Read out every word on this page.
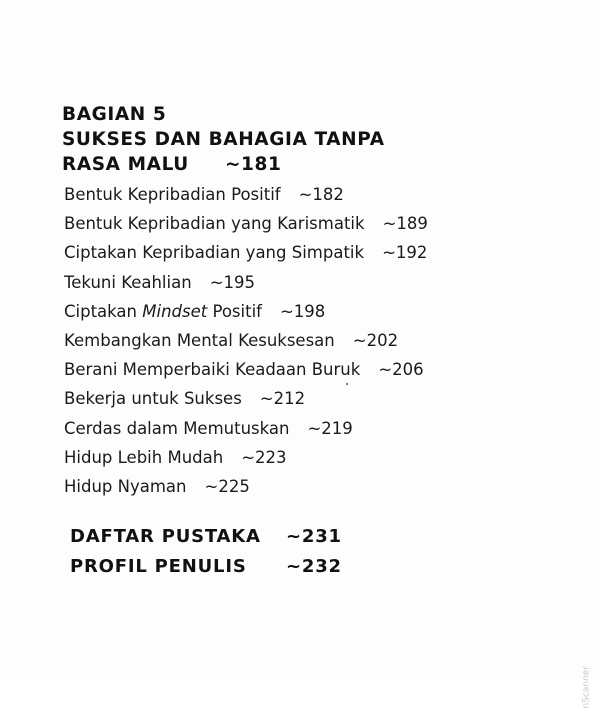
BAGIAN 5
SUKSES DAN BAHAGIA TANPA
RASA MALU ~181
Bentuk Kepribadian Positif ~182
Bentuk Kepribadian yang Karismatik ~189
Ciptakan Kepribadian yang Simpatik ~192
Tekuni Keahlian ~195
Ciptakan Mindset Positif ~198
Kembangkan Mental Kesuksesan ~202
Berani Memperbaiki Keadaan Buruk ~206
Bekerja untuk Sukses ~212
Cerdas dalam Memutuskan ~219
Hidup Lebih Mudah ~223
Hidup Nyaman ~225
DAFTAR PUSTAKA ~231
PROFIL PENULIS ~232
nScanner
